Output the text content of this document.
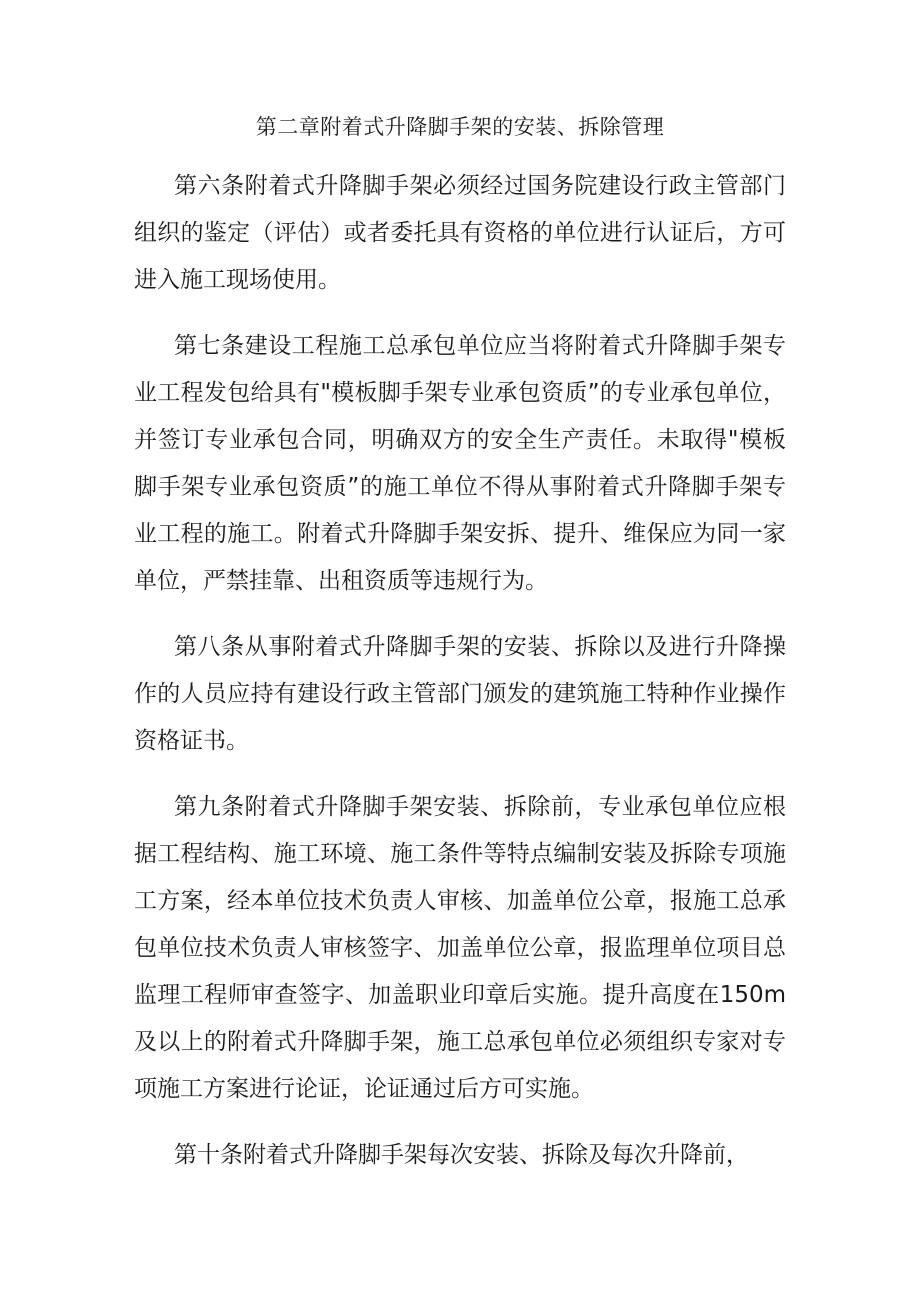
第二章附着式升降脚手架的安装、拆除管理

第六条附着式升降脚手架必须经过国务院建设行政主管部门组织的鉴定（评估）或者委托具有资格的单位进行认证后，方可进入施工现场使用。

第七条建设工程施工总承包单位应当将附着式升降脚手架专业工程发包给具有"模板脚手架专业承包资质”的专业承包单位，并签订专业承包合同，明确双方的安全生产责任。未取得"模板脚手架专业承包资质”的施工单位不得从事附着式升降脚手架专业工程的施工。附着式升降脚手架安拆、提升、维保应为同一家单位，严禁挂靠、出租资质等违规行为。

第八条从事附着式升降脚手架的安装、拆除以及进行升降操作的人员应持有建设行政主管部门颁发的建筑施工特种作业操作资格证书。

第九条附着式升降脚手架安装、拆除前，专业承包单位应根据工程结构、施工环境、施工条件等特点编制安装及拆除专项施工方案，经本单位技术负责人审核、加盖单位公章，报施工总承包单位技术负责人审核签字、加盖单位公章，报监理单位项目总监理工程师审查签字、加盖职业印章后实施。提升高度在150m及以上的附着式升降脚手架，施工总承包单位必须组织专家对专项施工方案进行论证，论证通过后方可实施。

第十条附着式升降脚手架每次安装、拆除及每次升降前，
